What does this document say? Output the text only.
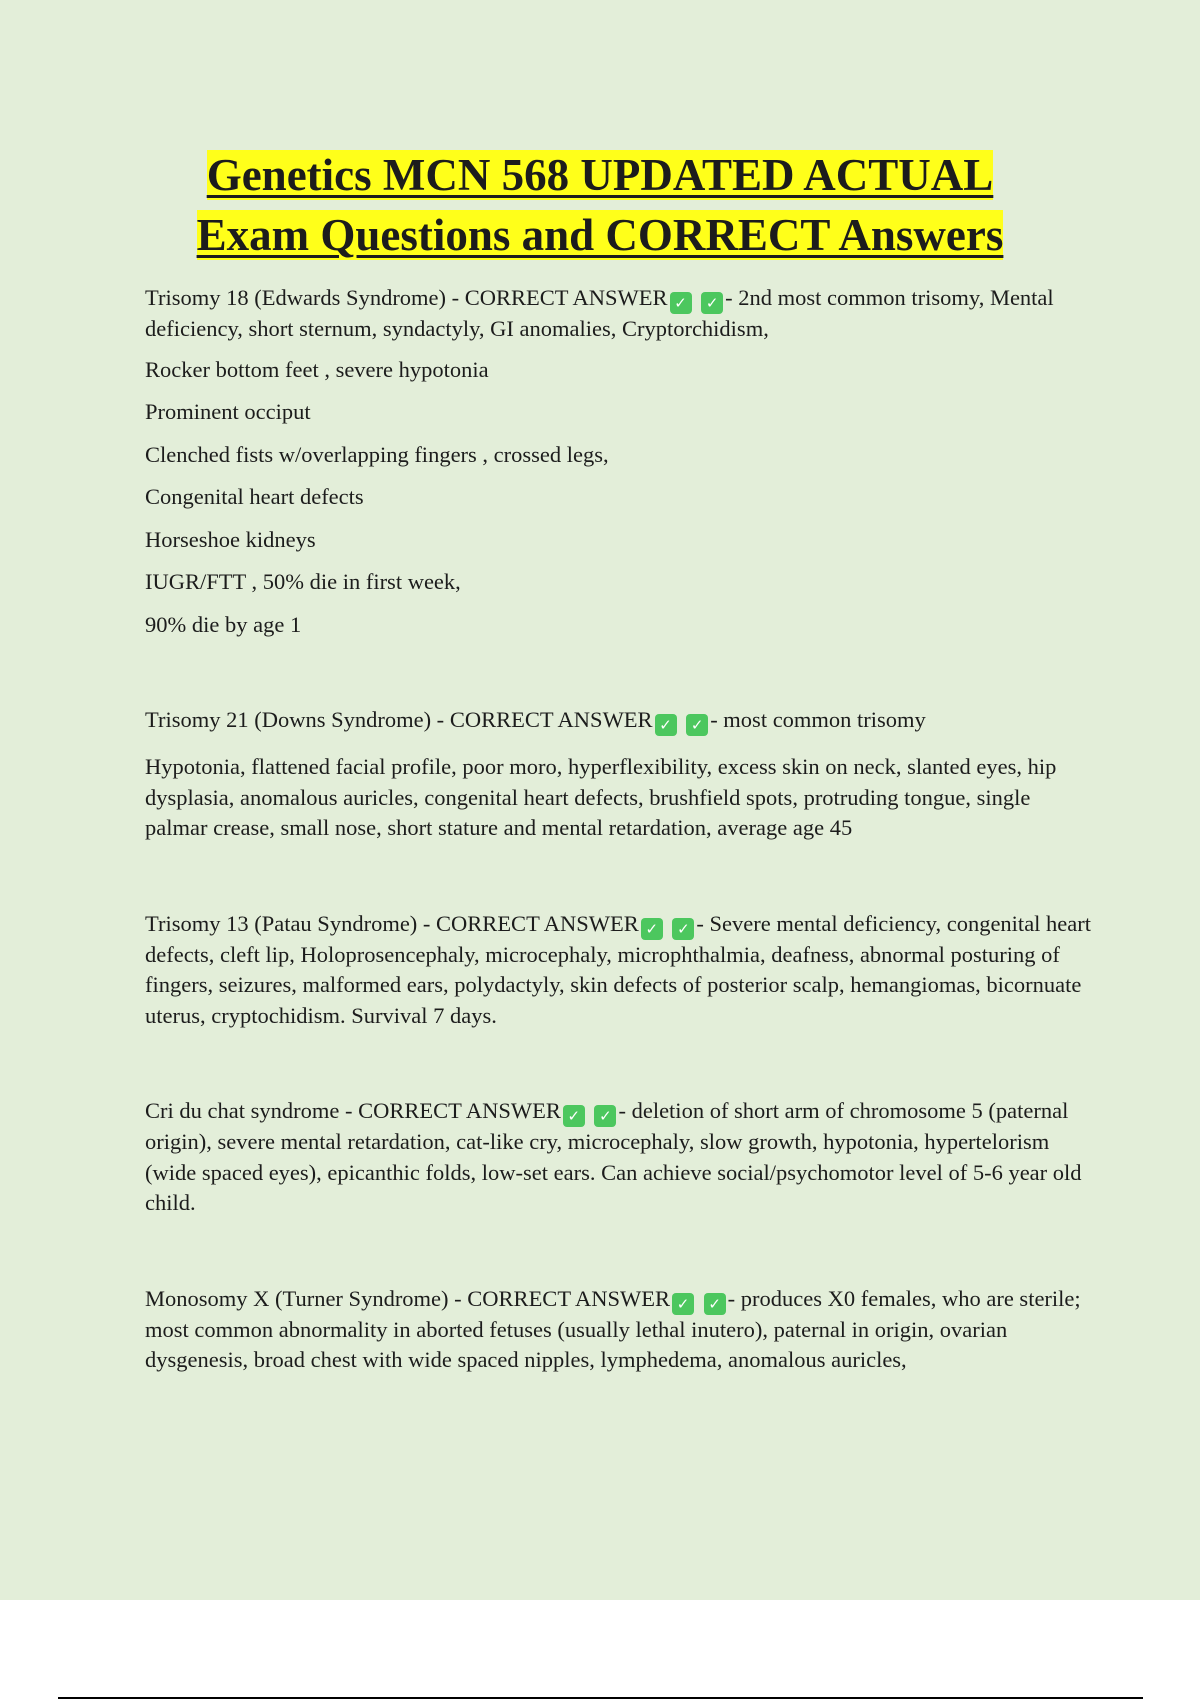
Genetics MCN 568 UPDATED ACTUAL
Exam Questions and CORRECT Answers

Trisomy 18 (Edwards Syndrome) - CORRECT ANSWER ✓ ✓ - 2nd most common trisomy, Mental deficiency, short sternum, syndactyly, GI anomalies, Cryptorchidism,

Rocker bottom feet , severe hypotonia

Prominent occiput

Clenched fists w/overlapping fingers , crossed legs,

Congenital heart defects

Horseshoe kidneys

IUGR/FTT , 50% die in first week,

90% die by age 1

Trisomy 21 (Downs Syndrome) - CORRECT ANSWER ✓ ✓ - most common trisomy

Hypotonia, flattened facial profile, poor moro, hyperflexibility, excess skin on neck, slanted eyes, hip dysplasia, anomalous auricles, congenital heart defects, brushfield spots, protruding tongue, single palmar crease, small nose, short stature and mental retardation, average age 45

Trisomy 13 (Patau Syndrome) - CORRECT ANSWER ✓ ✓ - Severe mental deficiency, congenital heart defects, cleft lip, Holoprosencephaly, microcephaly, microphthalmia, deafness, abnormal posturing of fingers, seizures, malformed ears, polydactyly, skin defects of posterior scalp, hemangiomas, bicornuate uterus, cryptochidism. Survival 7 days.

Cri du chat syndrome - CORRECT ANSWER ✓ ✓ - deletion of short arm of chromosome 5 (paternal origin), severe mental retardation, cat-like cry, microcephaly, slow growth, hypotonia, hypertelorism (wide spaced eyes), epicanthic folds, low-set ears. Can achieve social/psychomotor level of 5-6 year old child.

Monosomy X (Turner Syndrome) - CORRECT ANSWER ✓ ✓ - produces X0 females, who are sterile; most common abnormality in aborted fetuses (usually lethal inutero), paternal in origin, ovarian dysgenesis, broad chest with wide spaced nipples, lymphedema, anomalous auricles,
